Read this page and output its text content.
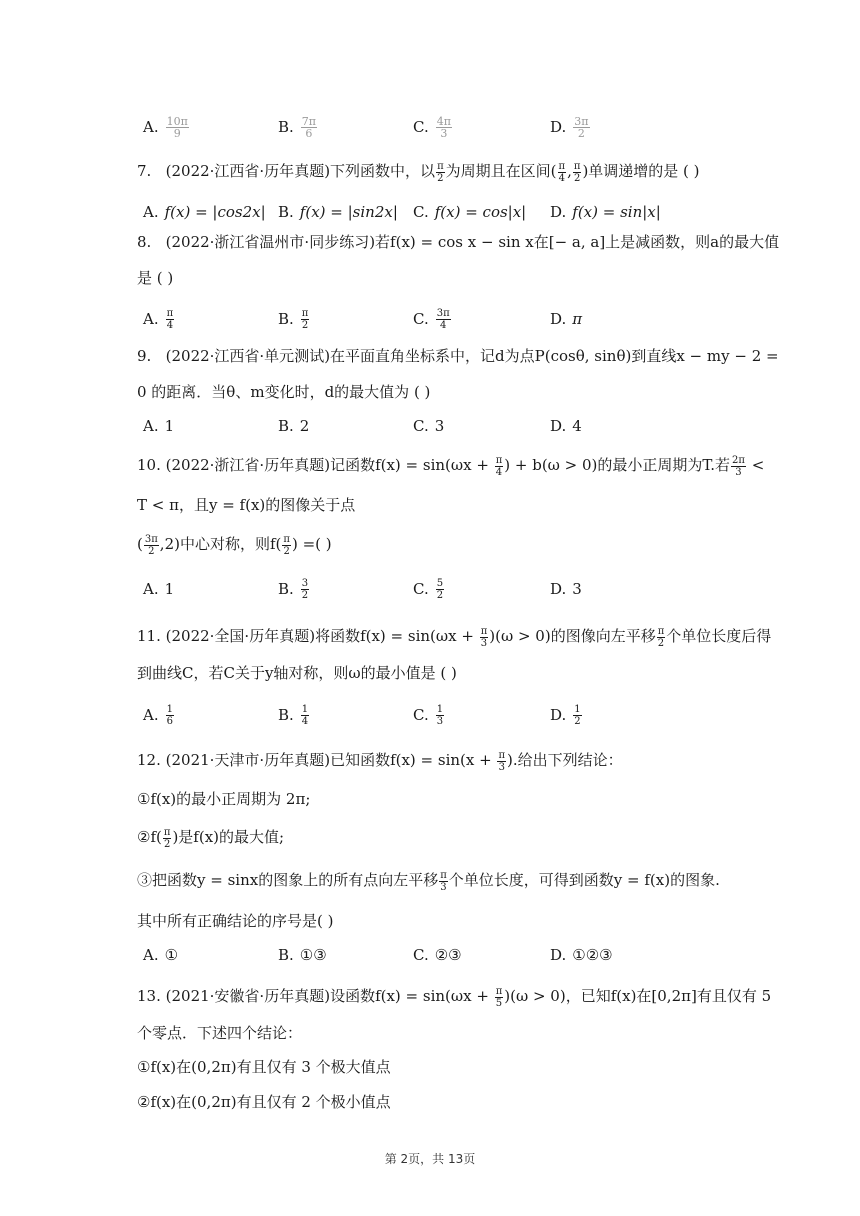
A. 10π
9	B. 7π
6	C. 4π
3	D. 3π
2
7. (2022·江西省·历年真题)下列函数中，以 $\frac{\pi}{2}$ 为周期且在区间( $\frac{\pi}{4}$ , $\frac{\pi}{2}$ )单调递增的是 ( )
A. f(x) = |cos2x| B. f(x) = |sin2x| C. f(x) = cos|x| D. f(x) = sin|x|
8. (2022·浙江省温州市·同步练习)若f(x) = cos x − sin x在[− a, a]上是减函数，则a的最大值
是 ( )
A. π
4	B. π
2	C. 3π
4	D. π
9. (2022·江西省·单元测试)在平面直角坐标系中，记d为点P(cosθ, sinθ)到直线x − my − 2 =
0 的距离．当θ、m变化时，d的最大值为 ( )
A. 1	B. 2	C. 3	D. 4
10. (2022·浙江省·历年真题)记函数$f(x) = \sin(\omega x + \frac{\pi}{4}$ ) + b(ω > 0)的最小正周期为T.若 $\frac{2\pi}{3}$ <
T < π，且y = f(x)的图像关于点
( $\frac{3\pi}{2} ,2$)中心对称，则$f( \frac{\pi}{2}$ ) =( )
A. 1	B. 3
2	C. 5
2	D. 3
11. (2022·全国·历年真题)将函数$f(x) = \sin(\omega x + \frac{\pi}{3} )(\omega > 0)$的图像向左平移 $\frac{\pi}{2}$ 个单位长度后得
到曲线C，若C关于y轴对称，则ω的最小值是 ( )
A. 1
6	B. 1
4	C. 1
3	D. 1
2
12. (2021·天津市·历年真题)已知函数$f(x) = \sin(x + \frac{\pi}{3}$ ).给出下列结论：
①f(x)的最小正周期为 2π;
②f( $\frac{\pi}{2}$ )是f(x)的最大值;
③把函数y = sinx的图象上的所有点向左平移 $\frac{\pi}{3}$ 个单位长度，可得到函数y = f(x)的图象.
其中所有正确结论的序号是( )
A. ①	B. ①③	C. ②③	D. ①②③
13. (2021·安徽省·历年真题)设函数$f(x) = \sin(\omega x + \frac{\pi}{5} )(\omega > 0)$，已知f(x)在[0,2π]有且仅有 5
个零点．下述四个结论：
①f(x)在(0,2π)有且仅有 3 个极大值点
②f(x)在(0,2π)有且仅有 2 个极小值点
第 2页，共 13页
